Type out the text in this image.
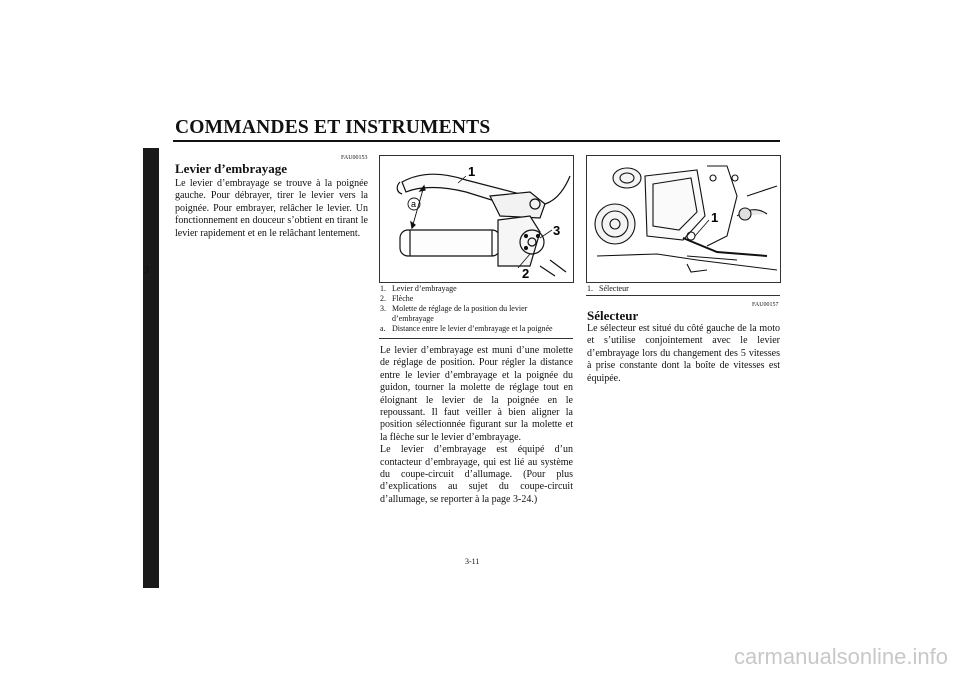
COMMANDES ET INSTRUMENTS
3
FAU00153
Levier d’embrayage

Le levier d’embrayage se trouve à la poignée gauche. Pour débrayer, tirer le levier vers la poignée. Pour embrayer, relâcher le levier. Un fonctionnement en douceur s’obtient en tirant le levier rapidement et en le relâchant lentement.

1
a
3
2
1. Levier d’embrayage
2. Flèche
3. Molette de réglage de la position du levier d’embrayage
a. Distance entre le levier d’embrayage et la poignée

Le levier d’embrayage est muni d’une molette de réglage de position. Pour régler la distance entre le levier d’embrayage et la poignée du guidon, tourner la molette de réglage tout en éloignant le levier de la poignée en le repoussant. Il faut veiller à bien aligner la position sélectionnée figurant sur la molette et la flèche sur le levier d’embrayage.

Le levier d’embrayage est équipé d’un contacteur d’embrayage, qui est lié au système du coupe-circuit d’allumage. (Pour plus d’explications au sujet du coupe-circuit d’allumage, se reporter à la page 3-24.)

1
1. Sélecteur
FAU00157
Sélecteur

Le sélecteur est situé du côté gauche de la moto et s’utilise conjointement avec le levier d’embrayage lors du changement des 5 vitesses à prise constante dont la boîte de vitesses est équipée.

3-11
carmanualsonline.info
